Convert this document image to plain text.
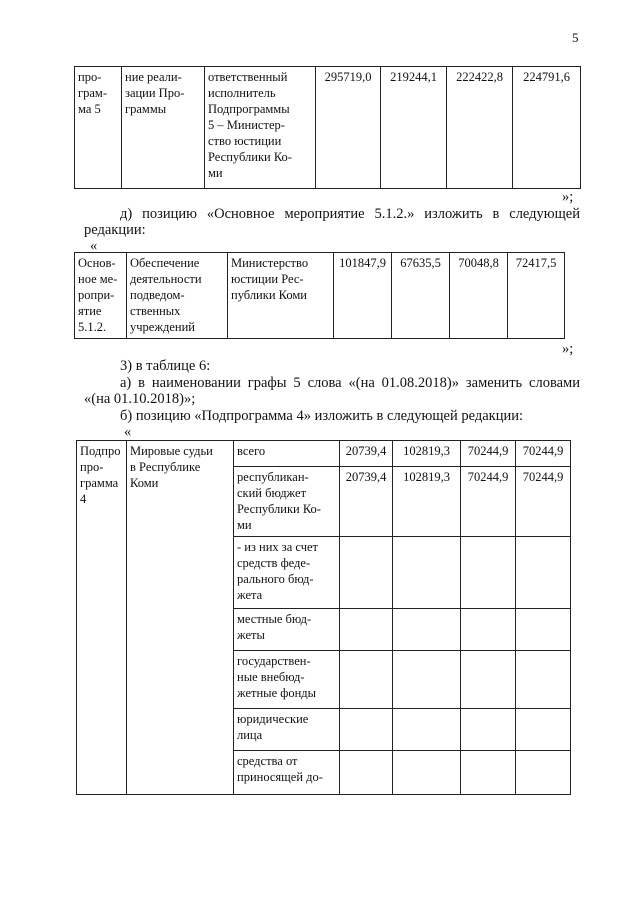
5
про-
грам-
ма 5	ние реали-
зации Про-
граммы	ответственный
исполнитель
Подпрограммы
5 – Министер-
ство юстиции
Республики Ко-
ми	295719,0	219244,1	222422,8	224791,6
»;
д) позицию «Основное мероприятие 5.1.2.» изложить в следующей
редакции:
«
Основ-
ное ме-
ропри-
ятие
5.1.2.	Обеспечение
деятельности
подведом-
ственных
учреждений	Министерство
юстиции Рес-
публики Коми	101847,9	67635,5	70048,8	72417,5
»;
3) в таблице 6:
а) в наименовании графы 5 слова «(на 01.08.2018)» заменить словами
«(на 01.10.2018)»;
б) позицию «Подпрограмма 4» изложить в следующей редакции:
«
Подпро
про-
грамма
4	Мировые судьи
в Республике
Коми	всего	20739,4	102819,3	70244,9	70244,9
		республикан-
ский бюджет
Республики Ко-
ми	20739,4	102819,3	70244,9	70244,9
		- из них за счет
средств феде-
рального бюд-
жета				
		местные бюд-
жеты				
		государствен-
ные внебюд-
жетные фонды				
		юридические
лица				
		средства от
приносящей до-				
